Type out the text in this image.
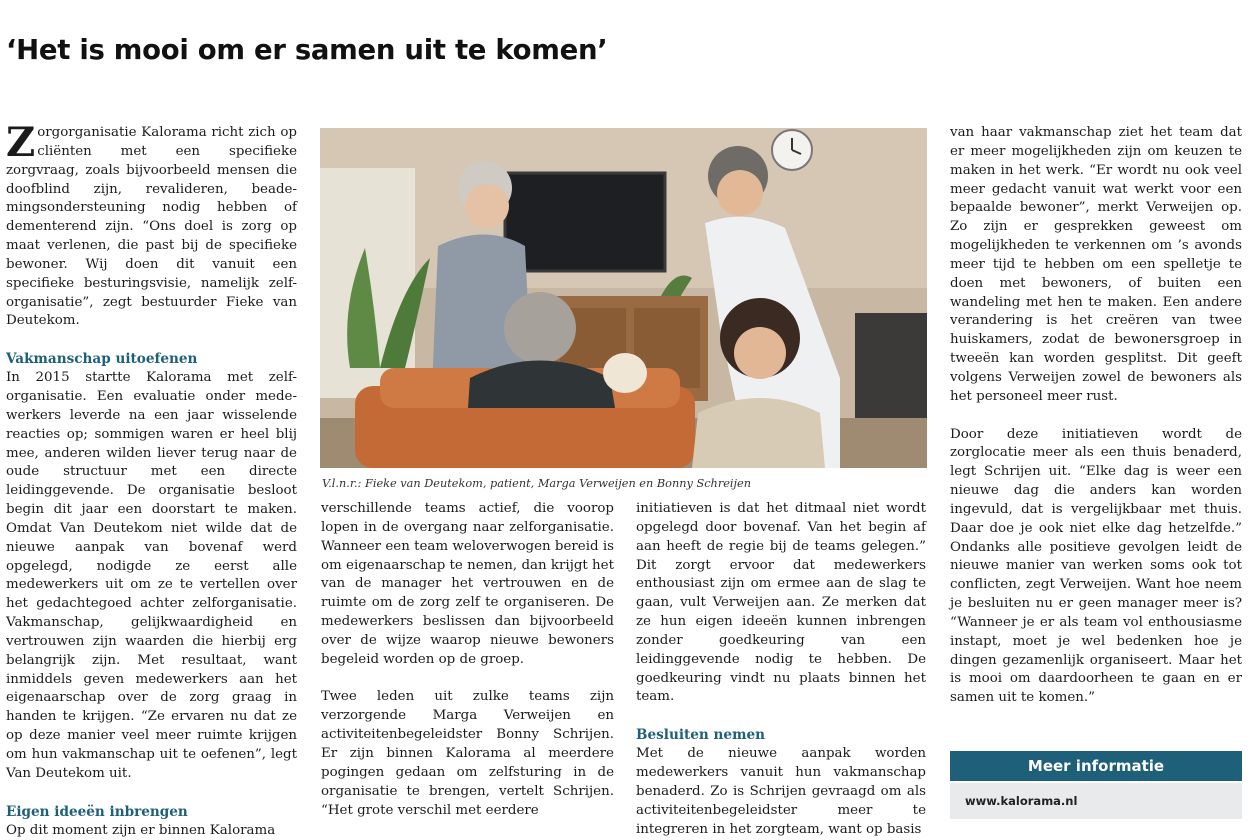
‘Het is mooi om er samen uit te komen’

Zorgorganisatie Kalorama richt zich op cliënten met een specifieke zorgvraag, zoals bijvoorbeeld mensen die doofblind zijn, revalideren, beade-mingsondersteuning nodig hebben of dementerend zijn. “Ons doel is zorg op maat verlenen, die past bij de specifieke bewoner. Wij doen dit vanuit een specifieke besturingsvisie, namelijk zelf-organisatie”, zegt bestuurder Fieke van Deutekom.

Vakmanschap uitoefenen

In 2015 startte Kalorama met zelf-organisatie. Een evaluatie onder mede-werkers leverde na een jaar wisselende reacties op; sommigen waren er heel blij mee, anderen wilden liever terug naar de oude structuur met een directe leidinggevende. De organisatie besloot begin dit jaar een doorstart te maken. Omdat Van Deutekom niet wilde dat de nieuwe aanpak van bovenaf werd opgelegd, nodigde ze eerst alle medewerkers uit om ze te vertellen over het gedachtegoed achter zelforganisatie. Vakmanschap, gelijkwaardigheid en vertrouwen zijn waarden die hierbij erg belangrijk zijn. Met resultaat, want inmiddels geven medewerkers aan het eigenaarschap over de zorg graag in handen te krijgen. “Ze ervaren nu dat ze op deze manier veel meer ruimte krijgen om hun vakmanschap uit te oefenen”, legt Van Deutekom uit.

Eigen ideeën inbrengen

Op dit moment zijn er binnen Kalorama

V.l.n.r.: Fieke van Deutekom, patient, Marga Verweijen en Bonny Schreijen

verschillende teams actief, die voorop lopen in de overgang naar zelforganisatie. Wanneer een team weloverwogen bereid is om eigenaarschap te nemen, dan krijgt het van de manager het vertrouwen en de ruimte om de zorg zelf te organiseren. De medewerkers beslissen dan bijvoorbeeld over de wijze waarop nieuwe bewoners begeleid worden op de groep.

Twee leden uit zulke teams zijn verzorgende Marga Verweijen en activiteitenbegeleidster Bonny Schrijen. Er zijn binnen Kalorama al meerdere pogingen gedaan om zelfsturing in de organisatie te brengen, vertelt Schrijen. “Het grote verschil met eerdere

initiatieven is dat het ditmaal niet wordt opgelegd door bovenaf. Van het begin af aan heeft de regie bij de teams gelegen.” Dit zorgt ervoor dat medewerkers enthousiast zijn om ermee aan de slag te gaan, vult Verweijen aan. Ze merken dat ze hun eigen ideeën kunnen inbrengen zonder goedkeuring van een leidinggevende nodig te hebben. De goedkeuring vindt nu plaats binnen het team.

Besluiten nemen

Met de nieuwe aanpak worden medewerkers vanuit hun vakmanschap benaderd. Zo is Schrijen gevraagd om als activiteitenbegeleidster meer te integreren in het zorgteam, want op basis

van haar vakmanschap ziet het team dat er meer mogelijkheden zijn om keuzen te maken in het werk. “Er wordt nu ook veel meer gedacht vanuit wat werkt voor een bepaalde bewoner”, merkt Verweijen op. Zo zijn er gesprekken geweest om mogelijkheden te verkennen om ’s avonds meer tijd te hebben om een spelletje te doen met bewoners, of buiten een wandeling met hen te maken. Een andere verandering is het creëren van twee huiskamers, zodat de bewonersgroep in tweeën kan worden gesplitst. Dit geeft volgens Verweijen zowel de bewoners als het personeel meer rust.

Door deze initiatieven wordt de zorglocatie meer als een thuis benaderd, legt Schrijen uit. “Elke dag is weer een nieuwe dag die anders kan worden ingevuld, dat is vergelijkbaar met thuis. Daar doe je ook niet elke dag hetzelfde.” Ondanks alle positieve gevolgen leidt de nieuwe manier van werken soms ook tot conflicten, zegt Verweijen. Want hoe neem je besluiten nu er geen manager meer is? “Wanneer je er als team vol enthousiasme instapt, moet je wel bedenken hoe je dingen gezamenlijk organiseert. Maar het is mooi om daardoorheen te gaan en er samen uit te komen.”

Meer informatie
www.kalorama.nl
